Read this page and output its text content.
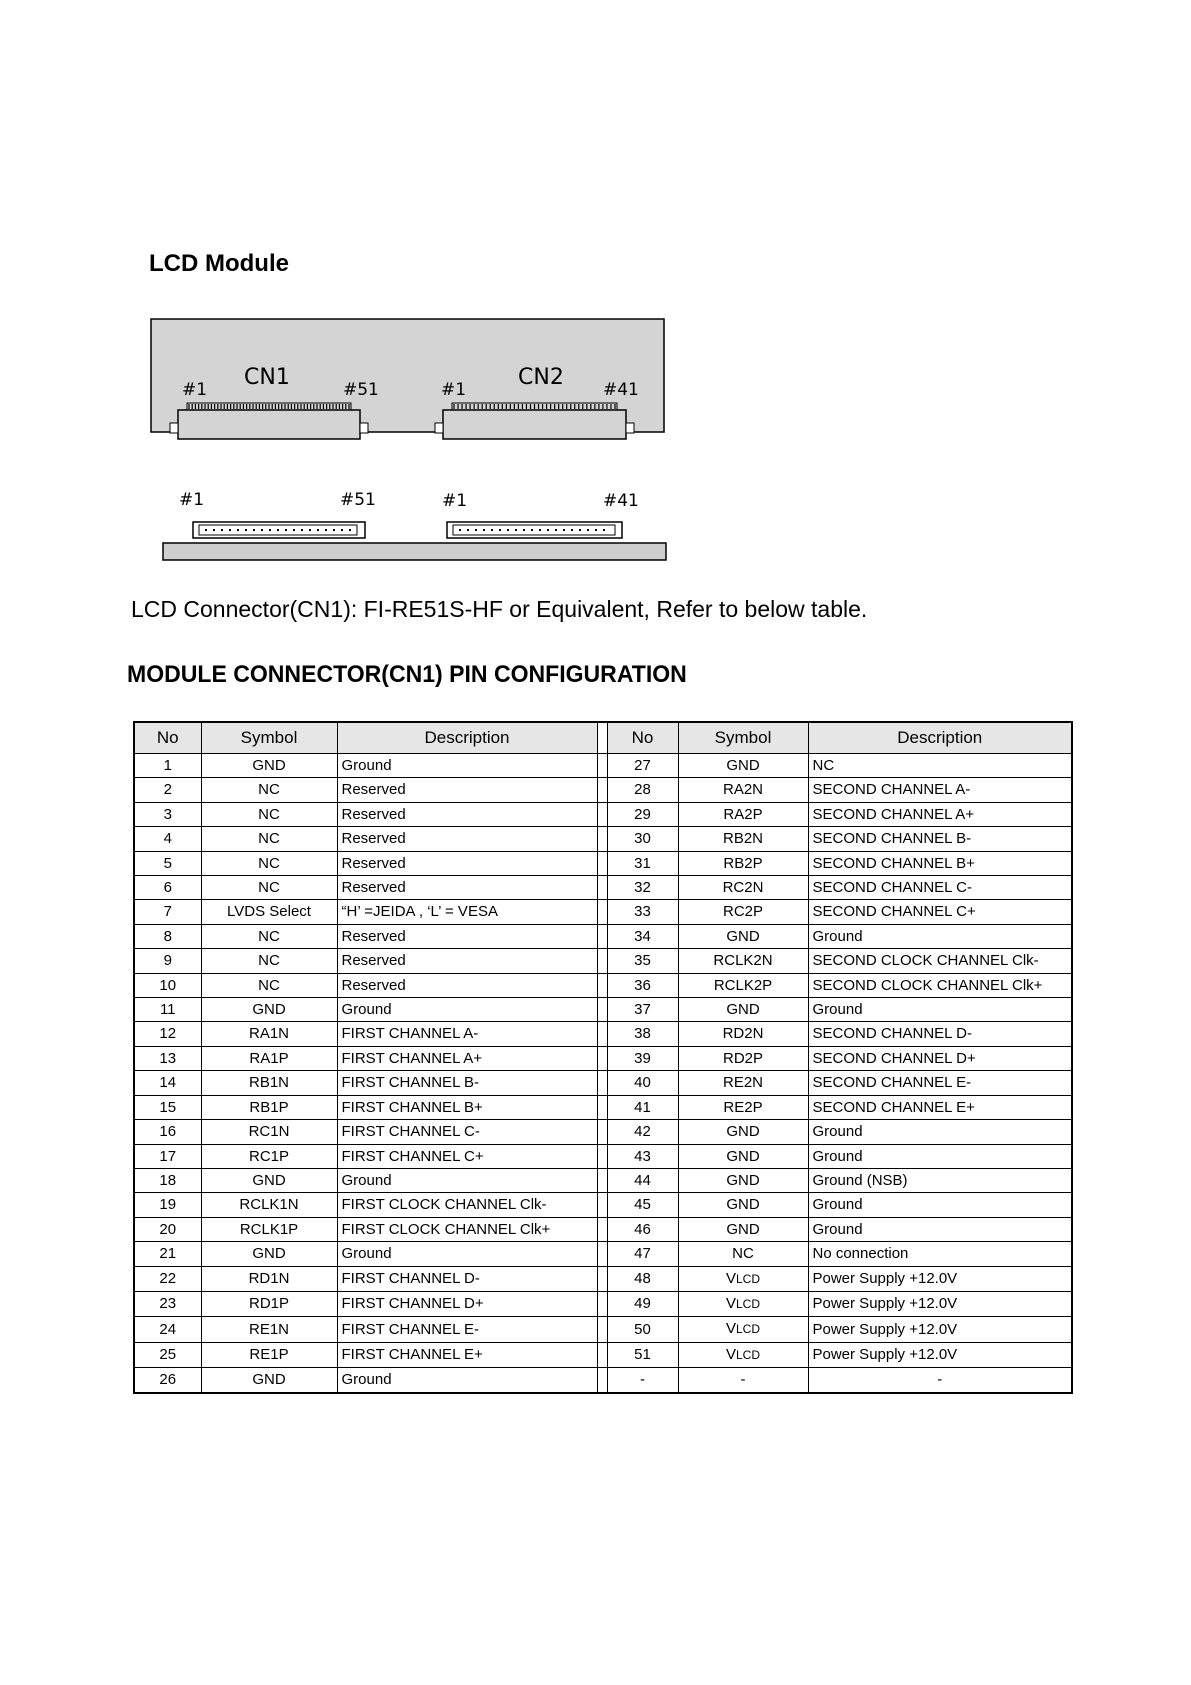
LCD Module
CN1	CN2
#1	#51	#1	#41
#1	#51	#1	#41

LCD Connector(CN1): FI-RE51S-HF or Equivalent, Refer to below table.

MODULE CONNECTOR(CN1) PIN CONFIGURATION
No	Symbol	Description		No	Symbol	Description
1	GND	Ground		27	GND	NC
2	NC	Reserved		28	RA2N	SECOND CHANNEL A-
3	NC	Reserved		29	RA2P	SECOND CHANNEL A+
4	NC	Reserved		30	RB2N	SECOND CHANNEL B-
5	NC	Reserved		31	RB2P	SECOND CHANNEL B+
6	NC	Reserved		32	RC2N	SECOND CHANNEL C-
7	LVDS Select	“H’ =JEIDA , ‘L’ = VESA		33	RC2P	SECOND CHANNEL C+
8	NC	Reserved		34	GND	Ground
9	NC	Reserved		35	RCLK2N	SECOND CLOCK CHANNEL Clk-
10	NC	Reserved		36	RCLK2P	SECOND CLOCK CHANNEL Clk+
11	GND	Ground		37	GND	Ground
12	RA1N	FIRST CHANNEL A-		38	RD2N	SECOND CHANNEL D-
13	RA1P	FIRST CHANNEL A+		39	RD2P	SECOND CHANNEL D+
14	RB1N	FIRST CHANNEL B-		40	RE2N	SECOND CHANNEL E-
15	RB1P	FIRST CHANNEL B+		41	RE2P	SECOND CHANNEL E+
16	RC1N	FIRST CHANNEL C-		42	GND	Ground
17	RC1P	FIRST CHANNEL C+		43	GND	Ground
18	GND	Ground		44	GND	Ground (NSB)
19	RCLK1N	FIRST CLOCK CHANNEL Clk-		45	GND	Ground
20	RCLK1P	FIRST CLOCK CHANNEL Clk+		46	GND	Ground
21	GND	Ground		47	NC	No connection
22	RD1N	FIRST CHANNEL D-		48	VLCD	Power Supply +12.0V
23	RD1P	FIRST CHANNEL D+		49	VLCD	Power Supply +12.0V
24	RE1N	FIRST CHANNEL E-		50	VLCD	Power Supply +12.0V
25	RE1P	FIRST CHANNEL E+		51	VLCD	Power Supply +12.0V
26	GND	Ground		-	-	-
